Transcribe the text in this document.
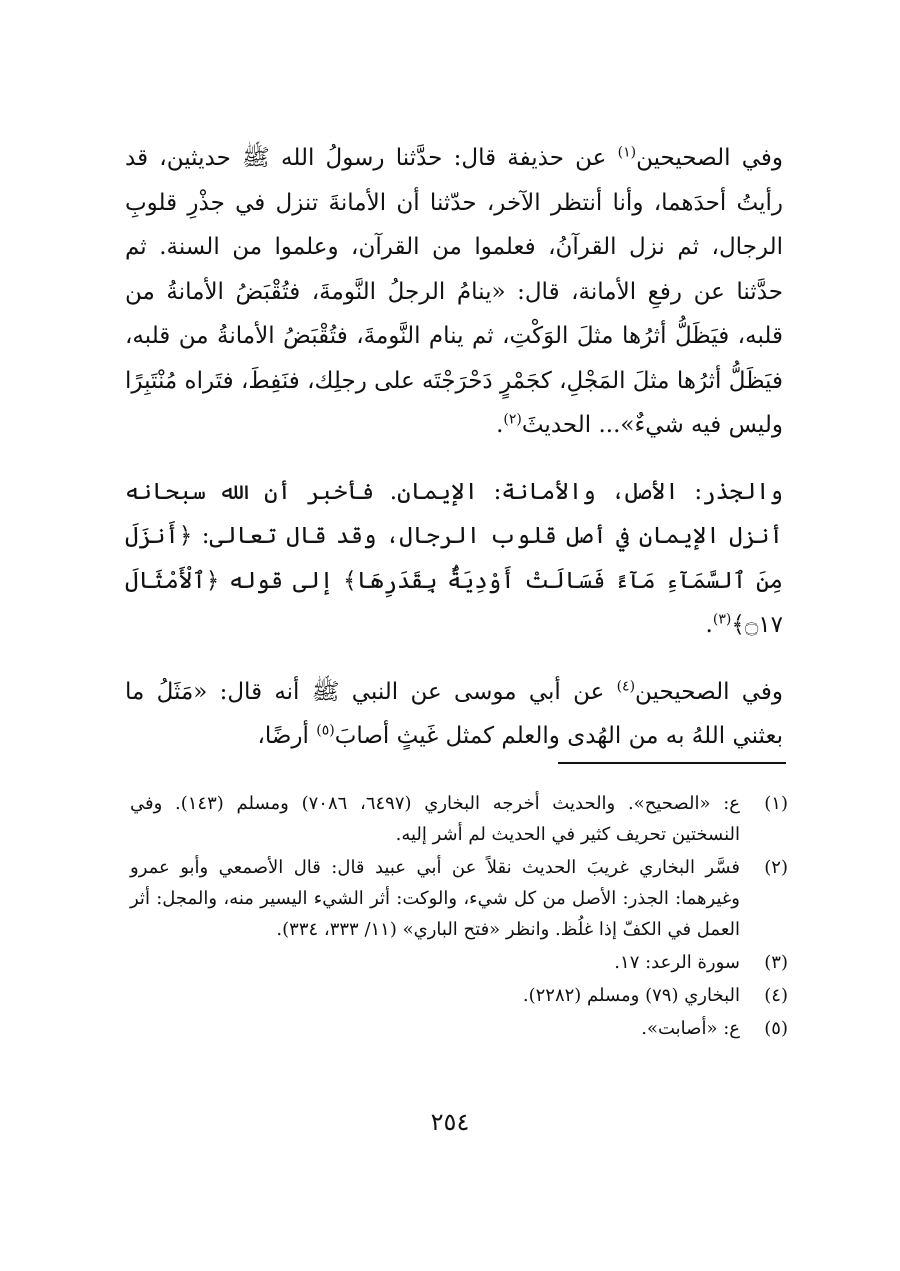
وفي الصحيحين$^{(١)}$ عن حذيفة قال: حدَّثنا رسولُ الله ﷺ حديثين، قد رأيتُ أحدَهما، وأنا أنتظر الآخر، حدّثنا أن الأمانةَ تنزل في جذْرِ قلوبِ الرجال، ثم نزل القرآنُ، فعلموا من القرآن، وعلموا من السنة. ثم حدَّثنا عن رفعِ الأمانة، قال: «ينامُ الرجلُ النَّومةَ، فتُقْبَضُ الأمانةُ من قلبه، فيَظَلُّ أثرُها مثلَ الوَكْتِ، ثم ينام النَّومةَ، فتُقْبَضُ الأمانةُ من قلبه، فيَظَلُّ أثرُها مثلَ المَجْلِ، كجَمْرٍ دَحْرَجْتَه على رجلِك، فنَفِطَ، فتَراه مُنْتَبِرًا وليس فيه شيءٌ»... الحديثَ$^{(٢)}$.

والجذر: الأصل، والأمانة: الإيمان. فأخبر أن الله سبحانه أنزل الإيمان في أصل قلوب الرجال، وقد قال تعالى: ﴿أَنزَلَ مِنَ ٱلسَّمَآءِ مَآءً فَسَالَتْ أَوْدِيَةٌۢ بِقَدَرِهَا﴾ إلى قوله ﴿ٱلْأَمْثَالَ ۝١٧﴾$^{(٣)}$.

وفي الصحيحين$^{(٤)}$ عن أبي موسى عن النبي ﷺ أنه قال: «مَثَلُ ما بعثني اللهُ به من الهُدى والعلم كمثل غَيثٍ أصابَ$^{(٥)}$ أرضًا،

(١)
ع: «الصحيح». والحديث أخرجه البخاري (٦٤٩٧، ٧٠٨٦) ومسلم (١٤٣). وفي النسختين تحريف كثير في الحديث لم أشر إليه.
(٢)
فسَّر البخاري غريبَ الحديث نقلاً عن أبي عبيد قال: قال الأصمعي وأبو عمرو وغيرهما: الجذر: الأصل من كل شيء، والوكت: أثر الشيء اليسير منه، والمجل: أثر العمل في الكفّ إذا غلُظ. وانظر «فتح الباري» (١١/ ٣٣٣، ٣٣٤).
(٣)
سورة الرعد: ١٧.
(٤)
البخاري (٧٩) ومسلم (٢٢٨٢).
(٥)
ع: «أصابت».
٢٥٤
